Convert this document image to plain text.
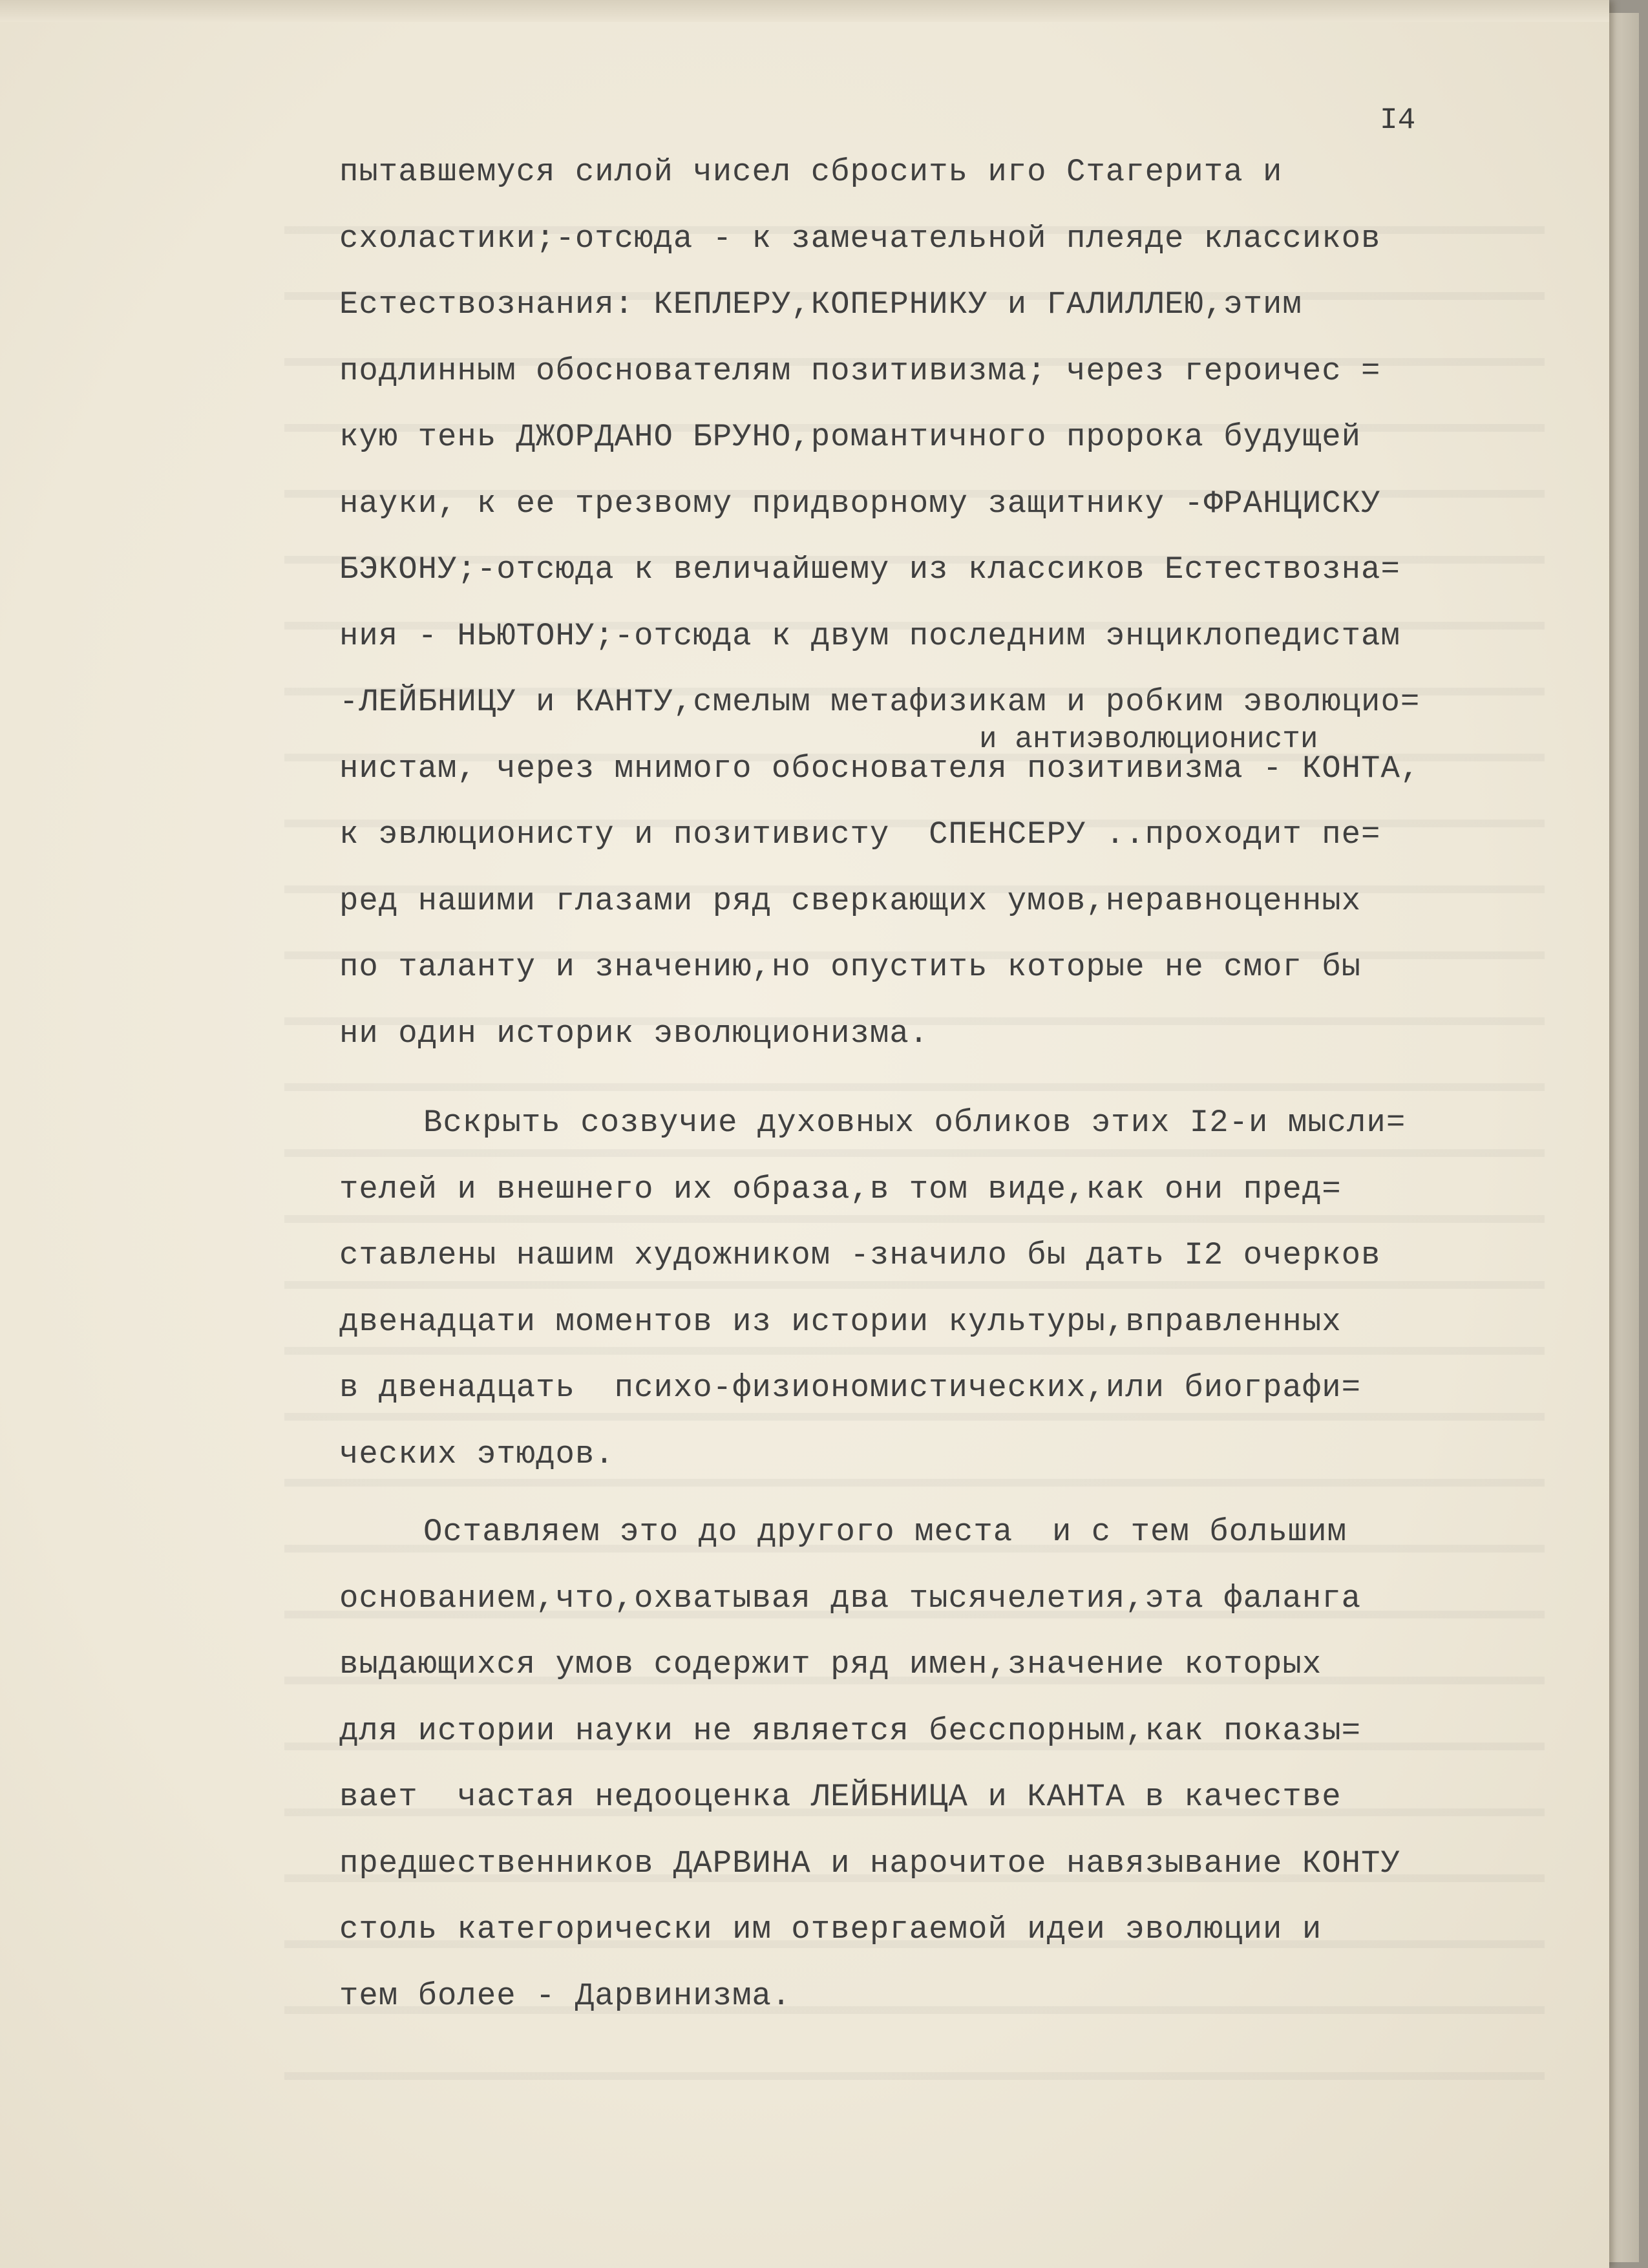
I4
и антиэволюционисти
пытавшемуся силой чисел сбросить иго Стагерита и
схоластики;-отсюда - к замечательной плеяде классиков
Естествознания: КЕПЛЕРУ,КОПЕРНИКУ и ГАЛИЛЛЕЮ,этим
подлинным обоснователям позитивизма; через героичес =
кую тень ДЖОРДАНО БРУНО,романтичного пророка будущей
науки, к ее трезвому придворному защитнику -ФРАНЦИСКУ
БЭКОНУ;-отсюда к величайшему из классиков Естествозна=
ния - НЬЮТОНУ;-отсюда к двум последним энциклопедистам
-ЛЕЙБНИЦУ и КАНТУ,смелым метафизикам и робким эволюцио=
нистам, через мнимого обоснователя позитивизма - КОНТА,
к эвлюционисту и позитивисту  СПЕНСЕРУ ..проходит пе=
ред нашими глазами ряд сверкающих умов,неравноценных
по таланту и значению,но опустить которые не смог бы
ни один историк эволюционизма.
Вскрыть созвучие духовных обликов этих I2-и мысли=
телей и внешнего их образа,в том виде,как они пред=
ставлены нашим художником -значило бы дать I2 очерков
двенадцати моментов из истории культуры,вправленных
в двенадцать  психо-физиономистических,или биографи=
ческих этюдов.
Оставляем это до другого места  и с тем большим
основанием,что,охватывая два тысячелетия,эта фаланга
выдающихся умов содержит ряд имен,значение которых
для истории науки не является бесспорным,как показы=
вает  частая недооценка ЛЕЙБНИЦА и КАНТА в качестве
предшественников ДАРВИНА и нарочитое навязывание КОНТУ
столь категорически им отвергаемой идеи эволюции и
тем более - Дарвинизма.
